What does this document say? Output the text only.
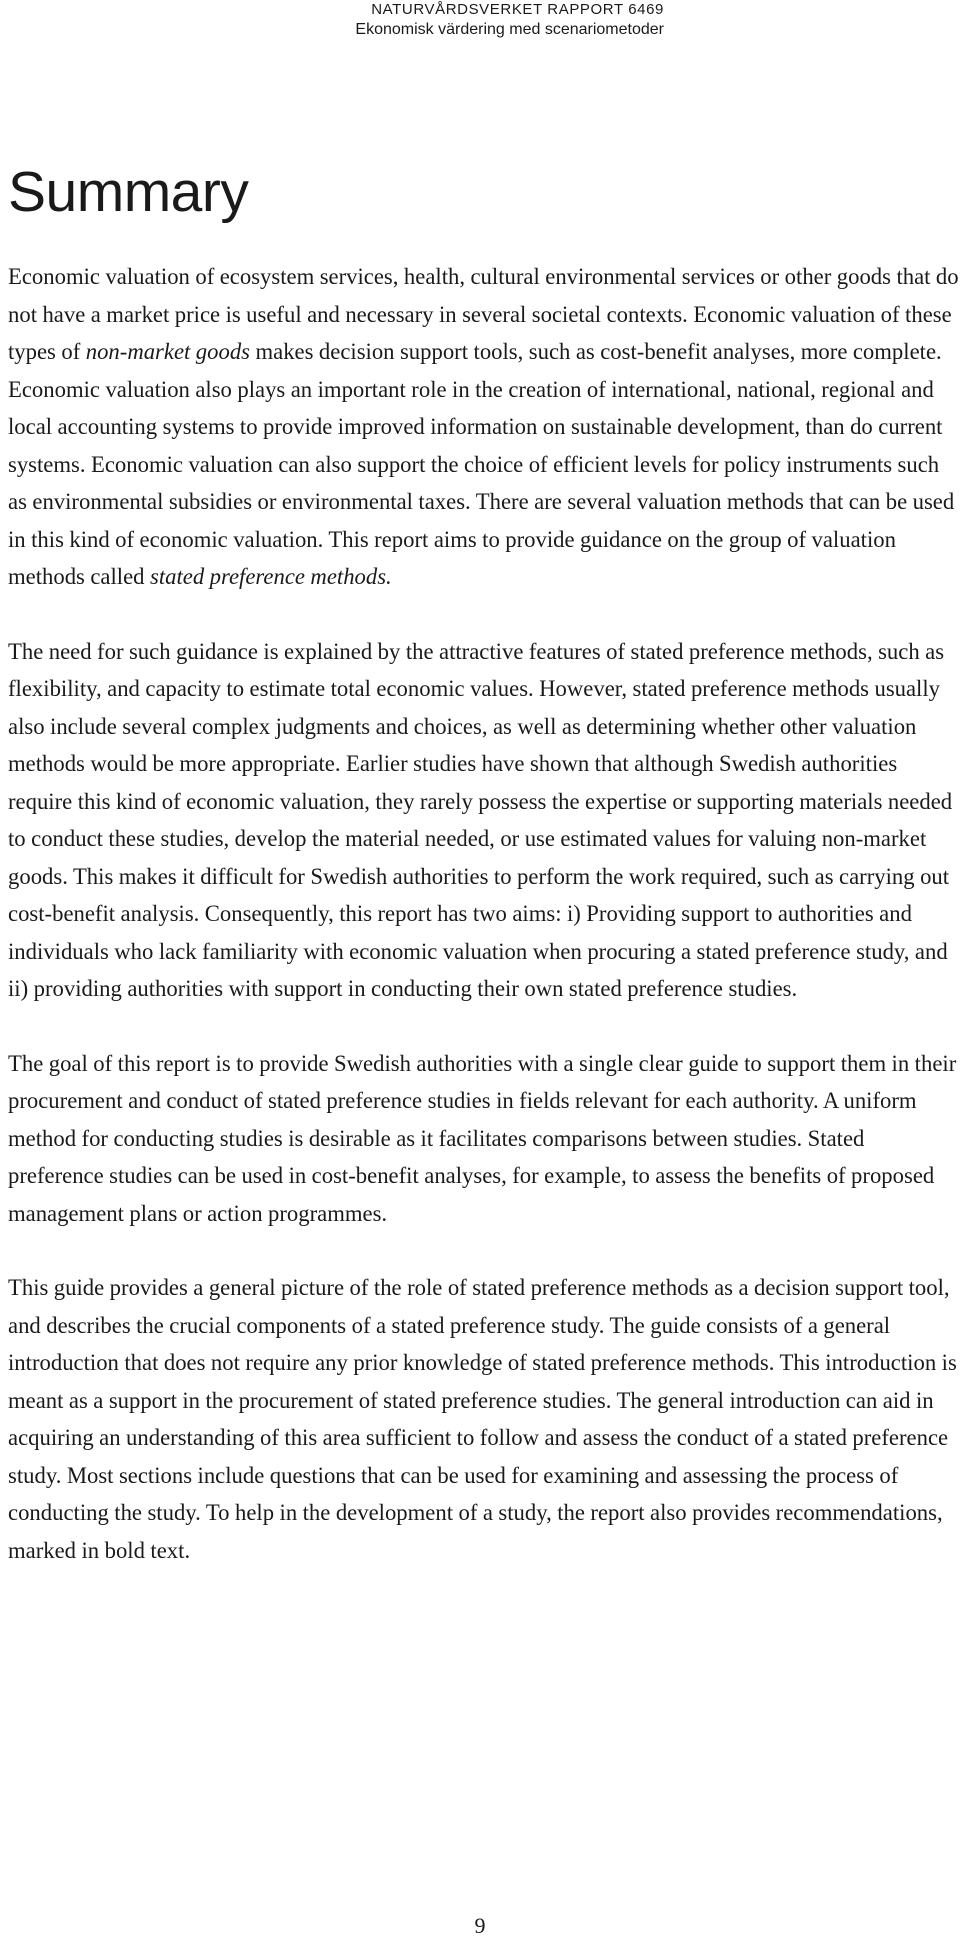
NATURVÅRDSVERKET RAPPORT 6469
Ekonomisk värdering med scenariometoder
Summary

Economic valuation of ecosystem services, health, cultural environmental services or other goods that do not have a market price is useful and necessary in several societal contexts. Economic valuation of these types of non-market goods makes decision support tools, such as cost-benefit analyses, more complete. Economic valuation also plays an important role in the creation of international, national, regional and local accounting systems to provide improved information on sustainable development, than do current systems. Economic valuation can also support the choice of efficient levels for policy instruments such as environmental subsidies or environmental taxes. There are several valuation methods that can be used in this kind of economic valuation. This report aims to provide guidance on the group of valuation methods called stated preference methods.

The need for such guidance is explained by the attractive features of stated preference methods, such as flexibility, and capacity to estimate total economic values. However, stated preference methods usually also include several complex judgments and choices, as well as determining whether other valuation methods would be more appropriate. Earlier studies have shown that although Swedish authorities require this kind of economic valuation, they rarely possess the expertise or supporting materials needed to conduct these studies, develop the material needed, or use estimated values for valuing non-market goods. This makes it difficult for Swedish authorities to perform the work required, such as carrying out cost-benefit analysis. Consequently, this report has two aims: i) Providing support to authorities and individuals who lack familiarity with economic valuation when procuring a stated preference study, and ii) providing authorities with support in conducting their own stated preference studies.

The goal of this report is to provide Swedish authorities with a single clear guide to support them in their procurement and conduct of stated preference studies in fields relevant for each authority. A uniform method for conducting studies is desirable as it facilitates comparisons between studies. Stated preference studies can be used in cost-benefit analyses, for example, to assess the benefits of proposed management plans or action programmes.

This guide provides a general picture of the role of stated preference methods as a decision support tool, and describes the crucial components of a stated preference study. The guide consists of a general introduction that does not require any prior knowledge of stated preference methods. This introduction is meant as a support in the procurement of stated preference studies. The general introduction can aid in acquiring an understanding of this area sufficient to follow and assess the conduct of a stated preference study. Most sections include questions that can be used for examining and assessing the process of conducting the study. To help in the development of a study, the report also provides recommendations, marked in bold text.

9
